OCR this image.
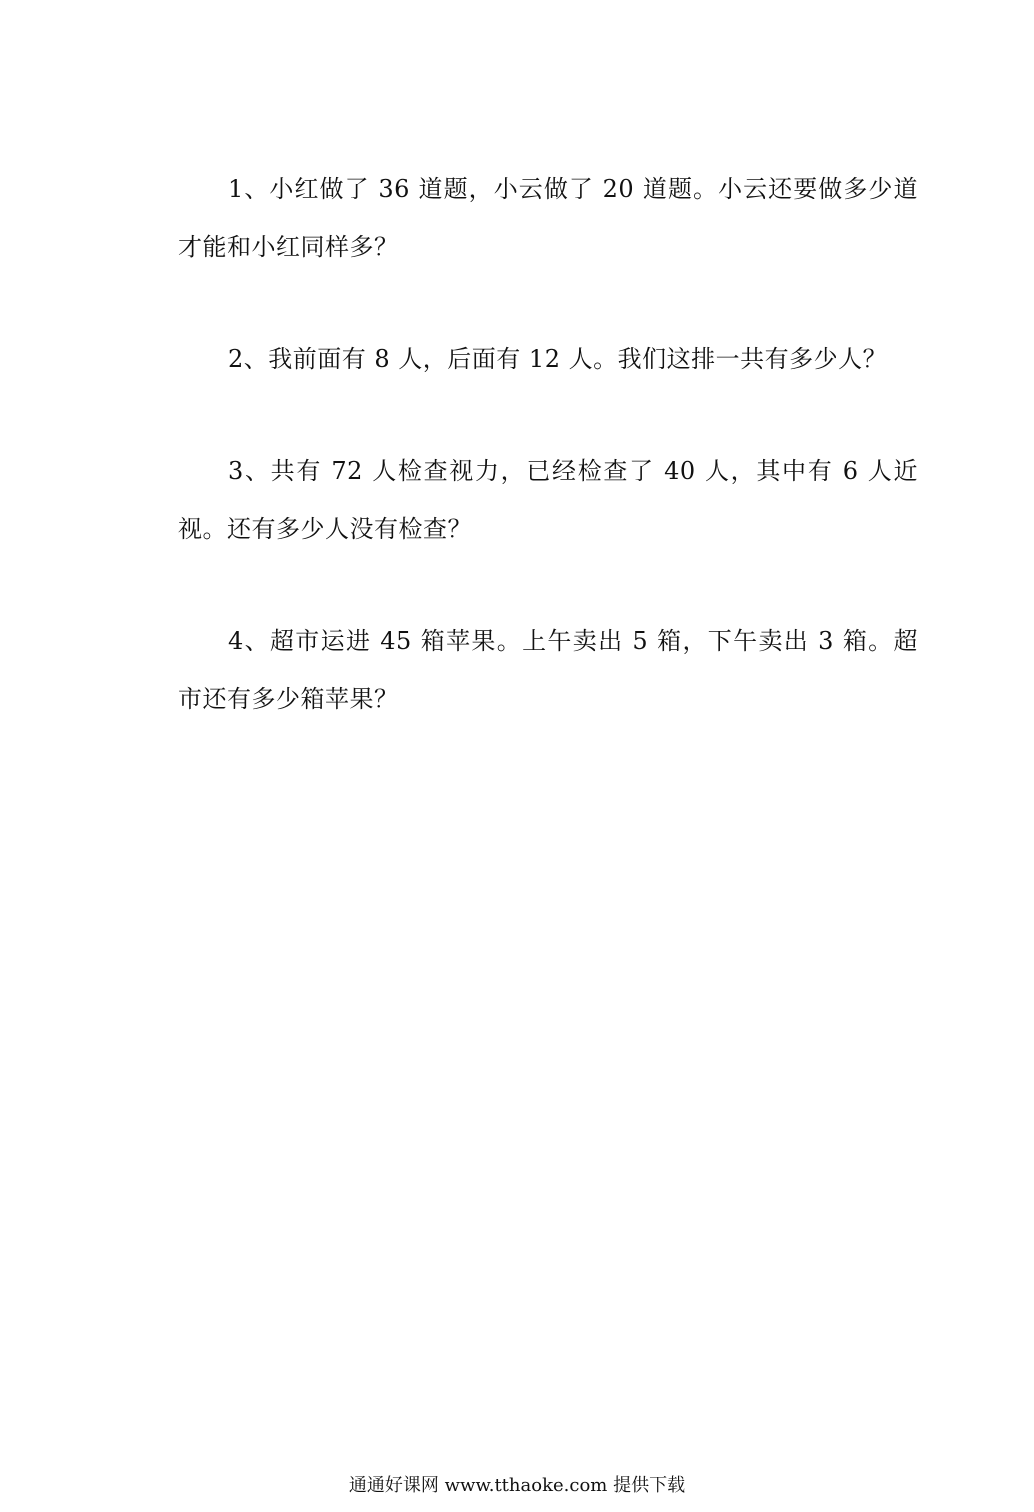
1、小红做了 36 道题，小云做了 20 道题。小云还要做多少道才能和小红同样多？

2、我前面有 8 人，后面有 12 人。我们这排一共有多少人？

3、共有 72 人检查视力，已经检查了 40 人，其中有 6 人近视。还有多少人没有检查？

4、超市运进 45 箱苹果。上午卖出 5 箱，下午卖出 3 箱。超市还有多少箱苹果？

通通好课网 www.tthaoke.com 提供下载
